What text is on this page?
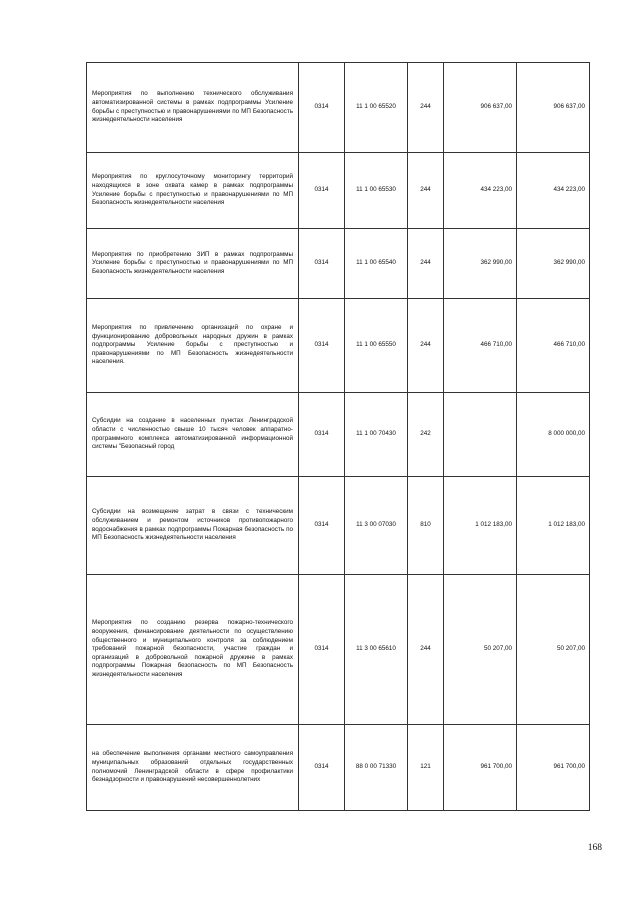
Мероприятия по выполнению технического обслуживания автоматизированной системы в рамках подпрограммы Усиление борьбы с преступностью и правонарушениями по МП Безопасность жизнедеятельности населения	0314	11 1 00 65520	244	906 637,00	906 637,00
Мероприятия по круглосуточному мониторингу территорий находящихся в зоне охвата камер в рамках подпрограммы Усиление борьбы с преступностью и правонарушениями по МП Безопасность жизнедеятельности населения	0314	11 1 00 65530	244	434 223,00	434 223,00
Мероприятия по приобретению ЗИП в рамках подпрограммы Усиление борьбы с преступностью и правонарушениями по МП Безопасность жизнедеятельности населения	0314	11 1 00 65540	244	362 990,00	362 990,00
Мероприятия по привлечению организаций по охране и функционированию добровольных народных дружин в рамках подпрограммы Усиление борьбы с преступностью и правонарушениями по МП Безопасность жизнедеятельности населения.	0314	11 1 00 65550	244	466 710,00	466 710,00
Субсидии на создание в населенных пунктах Ленинградской области с численностью свыше 10 тысяч человек аппаратно-программного комплекса автоматизированной информационной системы "Безопасный город	0314	11 1 00 70430	242		8 000 000,00
Субсидии на возмещение затрат в связи с техническим обслуживанием и ремонтом источников противопожарного водоснабжения в рамках подпрограммы Пожарная безопасность по МП Безопасность жизнедеятельности населения	0314	11 3 00 07030	810	1 012 183,00	1 012 183,00
Мероприятия по созданию резерва пожарно-технического вооружения, финансирование деятельности по осуществлению общественного и муниципального контроля за соблюдением требований пожарной безопасности, участие граждан и организаций в добровольной пожарной дружине в рамках подпрограммы Пожарная безопасность по МП Безопасность жизнедеятельности населения	0314	11 3 00 65610	244	50 207,00	50 207,00
на обеспечение выполнения органами местного самоуправления муниципальных образований отдельных государственных полномочий Ленинградской области в сфере профилактики безнадзорности и правонарушений несовершеннолетних	0314	88 0 00 71330	121	961 700,00	961 700,00
168
